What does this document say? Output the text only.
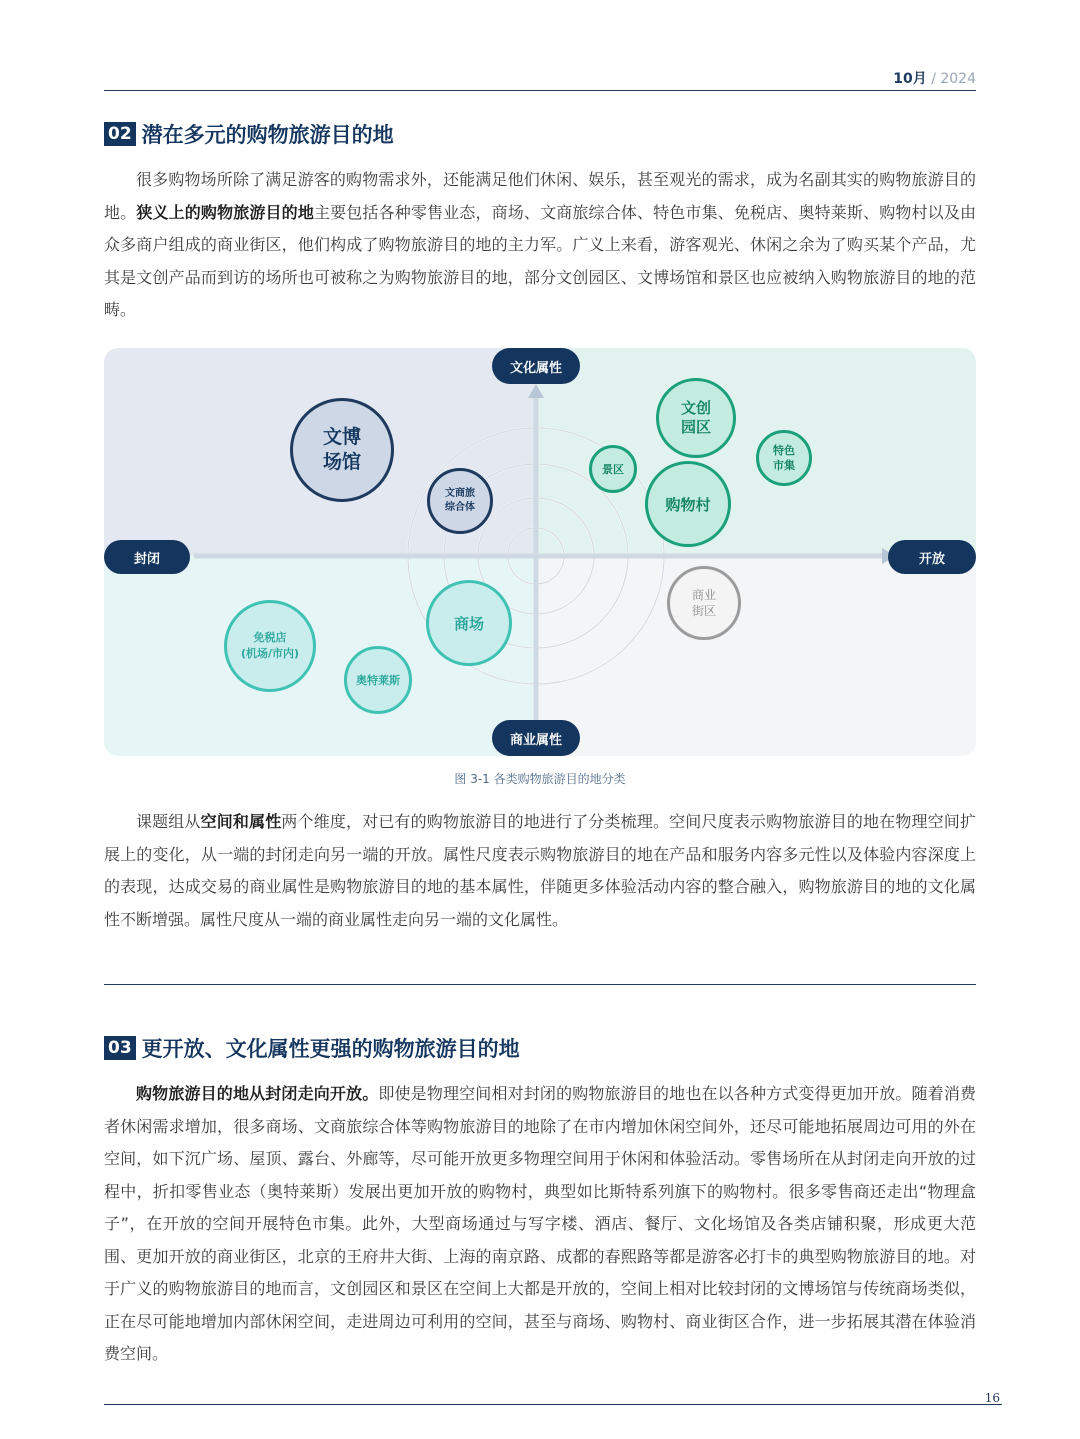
10月 / 2024
02 潜在多元的购物旅游目的地

很多购物场所除了满足游客的购物需求外，还能满足他们休闲、娱乐，甚至观光的需求，成为名副其实的购物旅游目的地。狭义上的购物旅游目的地主要包括各种零售业态，商场、文商旅综合体、特色市集、免税店、奥特莱斯、购物村以及由众多商户组成的商业街区，他们构成了购物旅游目的地的主力军。广义上来看，游客观光、休闲之余为了购买某个产品，尤其是文创产品而到访的场所也可被称之为购物旅游目的地，部分文创园区、文博场馆和景区也应被纳入购物旅游目的地的范畴。

文化属性
商业属性
封闭	开放
文博
场馆
文商旅
综合体
文创
园区
景区
特色
市集
购物村
商业
街区
商场
免税店
(机场/市内)
奥特莱斯
图 3-1 各类购物旅游目的地分类

课题组从空间和属性两个维度，对已有的购物旅游目的地进行了分类梳理。空间尺度表示购物旅游目的地在物理空间扩展上的变化，从一端的封闭走向另一端的开放。属性尺度表示购物旅游目的地在产品和服务内容多元性以及体验内容深度上的表现，达成交易的商业属性是购物旅游目的地的基本属性，伴随更多体验活动内容的整合融入，购物旅游目的地的文化属性不断增强。属性尺度从一端的商业属性走向另一端的文化属性。

03 更开放、文化属性更强的购物旅游目的地

购物旅游目的地从封闭走向开放。即使是物理空间相对封闭的购物旅游目的地也在以各种方式变得更加开放。随着消费者休闲需求增加，很多商场、文商旅综合体等购物旅游目的地除了在市内增加休闲空间外，还尽可能地拓展周边可用的外在空间，如下沉广场、屋顶、露台、外廊等，尽可能开放更多物理空间用于休闲和体验活动。零售场所在从封闭走向开放的过程中，折扣零售业态（奥特莱斯）发展出更加开放的购物村，典型如比斯特系列旗下的购物村。很多零售商还走出“物理盒子”，在开放的空间开展特色市集。此外，大型商场通过与写字楼、酒店、餐厅、文化场馆及各类店铺积聚，形成更大范围、更加开放的商业街区，北京的王府井大街、上海的南京路、成都的春熙路等都是游客必打卡的典型购物旅游目的地。对于广义的购物旅游目的地而言，文创园区和景区在空间上大都是开放的，空间上相对比较封闭的文博场馆与传统商场类似，正在尽可能地增加内部休闲空间，走进周边可利用的空间，甚至与商场、购物村、商业街区合作，进一步拓展其潜在体验消费空间。

16
